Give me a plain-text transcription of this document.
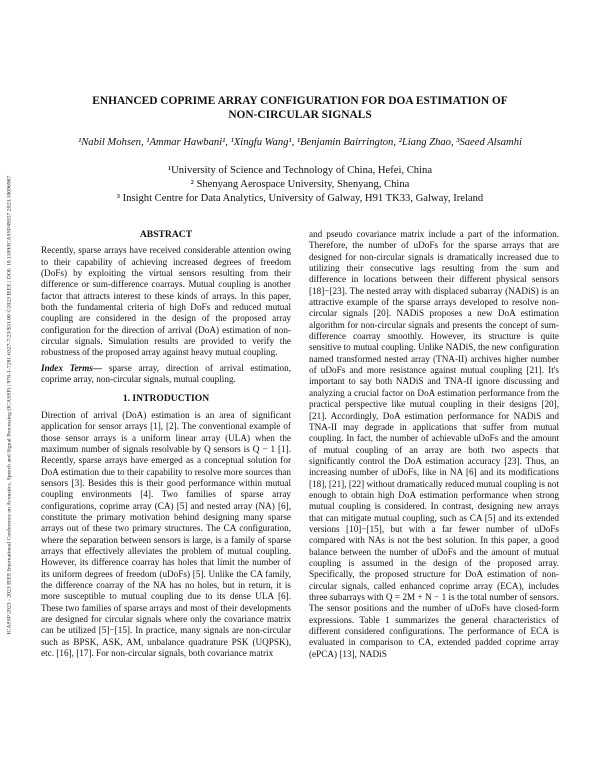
ICASSP 2023 - 2023 IEEE International Conference on Acoustics, Speech and Signal Processing (ICASSP) | 978-1-7281-6327-7/23/$31.00 ©2023 IEEE | DOI: 10.1109/ICASSP49357.2023.10096987
ENHANCED COPRIME ARRAY CONFIGURATION FOR DOA ESTIMATION OF
NON-CIRCULAR SIGNALS
¹Nabil Mohsen, ¹Ammar Hawbani¹, ¹Xingfu Wang¹, ¹Benjamin Bairrington, ²Liang Zhao, ³Saeed Alsamhi
¹University of Science and Technology of China, Hefei, China
² Shenyang Aerospace University, Shenyang, China
³ Insight Centre for Data Analytics, University of Galway, H91 TK33, Galway, Ireland
ABSTRACT

Recently, sparse arrays have received considerable attention owing to their capability of achieving increased degrees of freedom (DoFs) by exploiting the virtual sensors resulting from their difference or sum-difference coarrays. Mutual coupling is another factor that attracts interest to these kinds of arrays. In this paper, both the fundamental criteria of high DoFs and reduced mutual coupling are considered in the design of the proposed array configuration for the direction of arrival (DoA) estimation of non-circular signals. Simulation results are provided to verify the robustness of the proposed array against heavy mutual coupling.

Index Terms— sparse array, direction of arrival estimation, coprime array, non-circular signals, mutual coupling.

1. INTRODUCTION

Direction of arrival (DoA) estimation is an area of significant application for sensor arrays [1], [2]. The conventional example of those sensor arrays is a uniform linear array (ULA) when the maximum number of signals resolvable by Q sensors is Q − 1 [1]. Recently, sparse arrays have emerged as a conceptual solution for DoA estimation due to their capability to resolve more sources than sensors [3]. Besides this is their good performance within mutual coupling environments [4]. Two families of sparse array configurations, coprime array (CA) [5] and nested array (NA) [6], constitute the primary motivation behind designing many sparse arrays out of these two primary structures. The CA configuration, where the separation between sensors is large, is a family of sparse arrays that effectively alleviates the problem of mutual coupling. However, its difference coarray has holes that limit the number of its uniform degrees of freedom (uDoFs) [5]. Unlike the CA family, the difference coarray of the NA has no holes, but in return, it is more susceptible to mutual coupling due to its dense ULA [6]. These two families of sparse arrays and most of their developments are designed for circular signals where only the covariance matrix can be utilized [5]−[15]. In practice, many signals are non-circular such as BPSK, ASK, AM, unbalance quadrature PSK (UQPSK), etc. [16], [17]. For non-circular signals, both covariance matrix

and pseudo covariance matrix include a part of the information. Therefore, the number of uDoFs for the sparse arrays that are designed for non-circular signals is dramatically increased due to utilizing their consecutive lags resulting from the sum and difference in locations between their different physical sensors [18]−[23]. The nested array with displaced subarray (NADiS) is an attractive example of the sparse arrays developed to resolve non-circular signals [20]. NADiS proposes a new DoA estimation algorithm for non-circular signals and presents the concept of sum-difference coarray smoothly. However, its structure is quite sensitive to mutual coupling. Unlike NADiS, the new configuration named transformed nested array (TNA-II) archives higher number of uDoFs and more resistance against mutual coupling [21]. It's important to say both NADiS and TNA-II ignore discussing and analyzing a crucial factor on DoA estimation performance from the practical perspective like mutual coupling in their designs [20], [21]. Accordingly, DoA estimation performance for NADiS and TNA-II may degrade in applications that suffer from mutual coupling. In fact, the number of achievable uDoFs and the amount of mutual coupling of an array are both two aspects that significantly control the DoA estimation accuracy [23]. Thus, an increasing number of uDoFs, like in NA [6] and its modifications [18], [21], [22] without dramatically reduced mutual coupling is not enough to obtain high DoA estimation performance when strong mutual coupling is considered. In contrast, designing new arrays that can mitigate mutual coupling, such as CA [5] and its extended versions [10]−[15], but with a far fewer number of uDoFs compared with NAs is not the best solution. In this paper, a good balance between the number of uDoFs and the amount of mutual coupling is assumed in the design of the proposed array. Specifically, the proposed structure for DoA estimation of non-circular signals, called enhanced coprime array (ECA), includes three subarrays with Q = 2M + N − 1 is the total number of sensors. The sensor positions and the number of uDoFs have closed-form expressions. Table 1 summarizes the general characteristics of different considered configurations. The performance of ECA is evaluated in comparison to CA, extended padded coprime array (ePCA) [13], NADiS
